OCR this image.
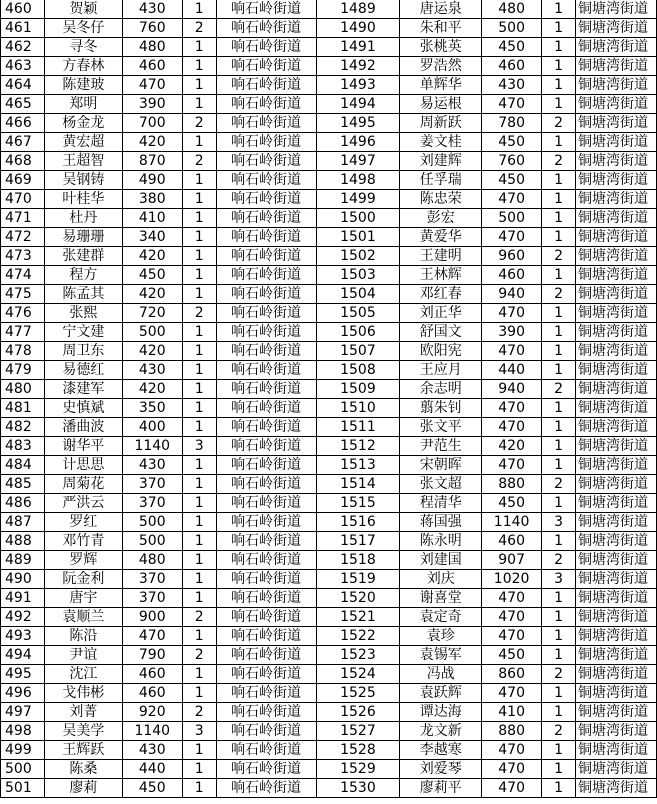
460	贺颖	430	1	响石岭街道	1489	唐运泉	480	1	铜塘湾街道
461	吴冬仔	760	2	响石岭街道	1490	朱和平	500	1	铜塘湾街道
462	寻冬	480	1	响石岭街道	1491	张桃英	450	1	铜塘湾街道
463	方春林	460	1	响石岭街道	1492	罗浩然	460	1	铜塘湾街道
464	陈建玻	470	1	响石岭街道	1493	单辉华	430	1	铜塘湾街道
465	郑明	390	1	响石岭街道	1494	易运根	470	1	铜塘湾街道
466	杨金龙	700	2	响石岭街道	1495	周新跃	780	2	铜塘湾街道
467	黄宏超	420	1	响石岭街道	1496	姜文桂	450	1	铜塘湾街道
468	王超智	870	2	响石岭街道	1497	刘建辉	760	2	铜塘湾街道
469	吴钢铸	490	1	响石岭街道	1498	任孚瑞	450	1	铜塘湾街道
470	叶桂华	380	1	响石岭街道	1499	陈忠荣	470	1	铜塘湾街道
471	杜丹	410	1	响石岭街道	1500	彭宏	500	1	铜塘湾街道
472	易珊珊	340	1	响石岭街道	1501	黄爱华	470	1	铜塘湾街道
473	张建群	420	1	响石岭街道	1502	王建明	960	2	铜塘湾街道
474	程方	450	1	响石岭街道	1503	王林辉	460	1	铜塘湾街道
475	陈孟其	420	1	响石岭街道	1504	邓红春	940	2	铜塘湾街道
476	张熙	720	2	响石岭街道	1505	刘正华	470	1	铜塘湾街道
477	宁文建	500	1	响石岭街道	1506	舒国文	390	1	铜塘湾街道
478	周卫东	420	1	响石岭街道	1507	欧阳宪	470	1	铜塘湾街道
479	易德红	430	1	响石岭街道	1508	王应月	440	1	铜塘湾街道
480	漆建军	420	1	响石岭街道	1509	余志明	940	2	铜塘湾街道
481	史慎斌	350	1	响石岭街道	1510	翦朱钊	470	1	铜塘湾街道
482	潘曲波	400	1	响石岭街道	1511	张文平	470	1	铜塘湾街道
483	谢华平	1140	3	响石岭街道	1512	尹范生	420	1	铜塘湾街道
484	计思思	430	1	响石岭街道	1513	宋朝晖	470	1	铜塘湾街道
485	周菊花	370	1	响石岭街道	1514	张文超	880	2	铜塘湾街道
486	严洪云	370	1	响石岭街道	1515	程清华	450	1	铜塘湾街道
487	罗红	500	1	响石岭街道	1516	蒋国强	1140	3	铜塘湾街道
488	邓竹青	500	1	响石岭街道	1517	陈永明	460	1	铜塘湾街道
489	罗辉	480	1	响石岭街道	1518	刘建国	907	2	铜塘湾街道
490	阮金利	370	1	响石岭街道	1519	刘庆	1020	3	铜塘湾街道
491	唐宇	370	1	响石岭街道	1520	谢喜堂	470	1	铜塘湾街道
492	袁顺兰	900	2	响石岭街道	1521	袁定奇	470	1	铜塘湾街道
493	陈沿	470	1	响石岭街道	1522	袁珍	470	1	铜塘湾街道
494	尹谊	790	2	响石岭街道	1523	袁锡军	450	1	铜塘湾街道
495	沈江	460	1	响石岭街道	1524	冯战	860	2	铜塘湾街道
496	戈伟彬	460	1	响石岭街道	1525	袁跃辉	470	1	铜塘湾街道
497	刘菁	920	2	响石岭街道	1526	谭达海	410	1	铜塘湾街道
498	吴美学	1140	3	响石岭街道	1527	龙文新	880	2	铜塘湾街道
499	王辉跃	430	1	响石岭街道	1528	李越寒	470	1	铜塘湾街道
500	陈桑	440	1	响石岭街道	1529	刘爱琴	470	1	铜塘湾街道
501	廖莉	450	1	响石岭街道	1530	廖莉平	470	1	铜塘湾街道
